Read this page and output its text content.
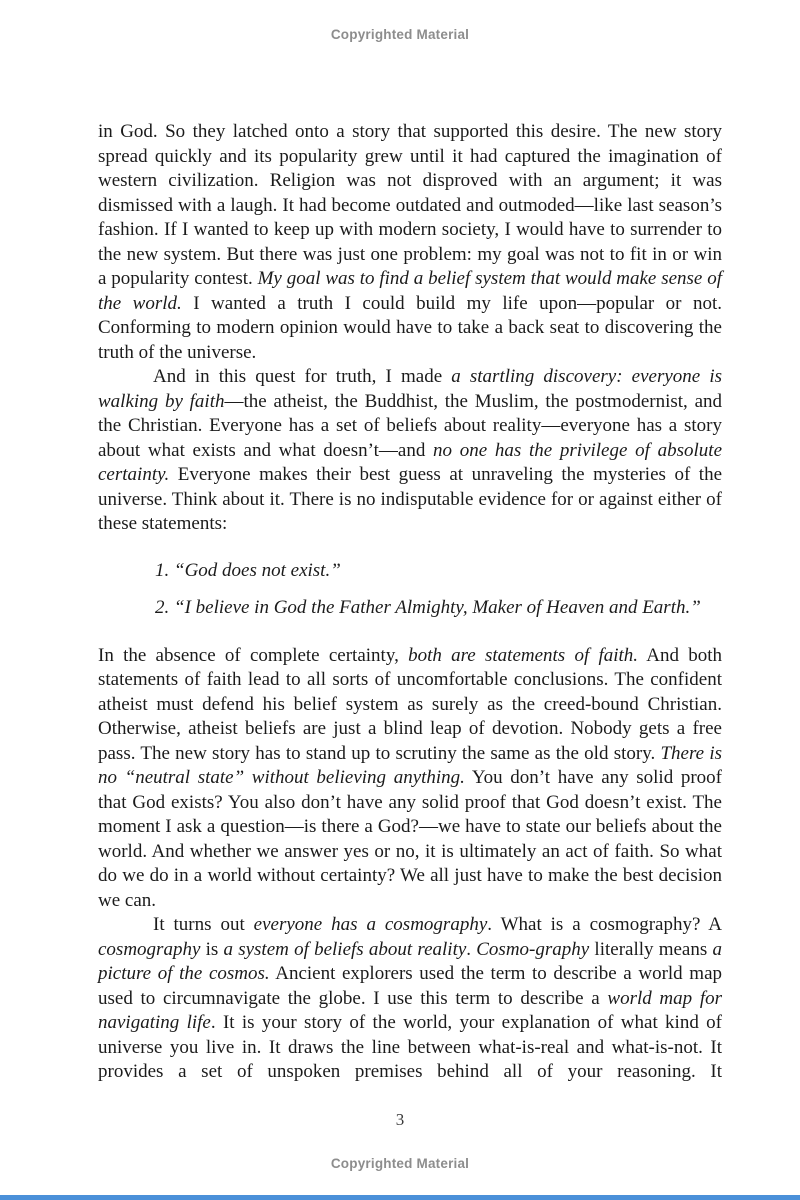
Copyrighted Material

in God. So they latched onto a story that supported this desire. The new story spread quickly and its popularity grew until it had captured the imagination of western civilization. Religion was not disproved with an argument; it was dismissed with a laugh. It had become outdated and outmoded—like last season’s fashion. If I wanted to keep up with modern society, I would have to surrender to the new system. But there was just one problem: my goal was not to fit in or win a popularity contest. My goal was to find a belief system that would make sense of the world. I wanted a truth I could build my life upon—popular or not. Conforming to modern opinion would have to take a back seat to discovering the truth of the universe.

And in this quest for truth, I made a startling discovery: everyone is walking by faith—the atheist, the Buddhist, the Muslim, the postmodernist, and the Christian. Everyone has a set of beliefs about reality—everyone has a story about what exists and what doesn’t—and no one has the privilege of absolute certainty. Everyone makes their best guess at unraveling the mysteries of the universe. Think about it. There is no indisputable evidence for or against either of these statements:

1. “God does not exist.”

2. “I believe in God the Father Almighty, Maker of Heaven and Earth.”

In the absence of complete certainty, both are statements of faith. And both statements of faith lead to all sorts of uncomfortable conclusions. The confident atheist must defend his belief system as surely as the creed-bound Christian. Otherwise, atheist beliefs are just a blind leap of devotion. Nobody gets a free pass. The new story has to stand up to scrutiny the same as the old story. There is no “neutral state” without believing anything. You don’t have any solid proof that God exists? You also don’t have any solid proof that God doesn’t exist. The moment I ask a question—is there a God?—we have to state our beliefs about the world. And whether we answer yes or no, it is ultimately an act of faith. So what do we do in a world without certainty? We all just have to make the best decision we can.

It turns out everyone has a cosmography. What is a cosmography? A cosmography is a system of beliefs about reality. Cosmo-graphy literally means a picture of the cosmos. Ancient explorers used the term to describe a world map used to circumnavigate the globe. I use this term to describe a world map for navigating life. It is your story of the world, your explanation of what kind of universe you live in. It draws the line between what-is-real and what-is-not. It provides a set of unspoken premises behind all of your reasoning. It

3
Copyrighted Material
